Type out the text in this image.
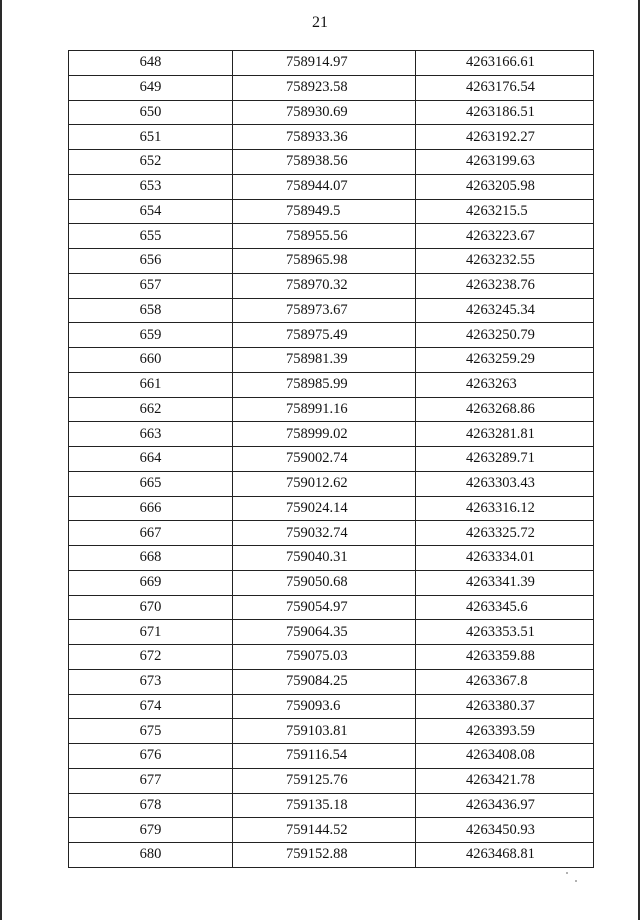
21
648	758914.97	4263166.61
649	758923.58	4263176.54
650	758930.69	4263186.51
651	758933.36	4263192.27
652	758938.56	4263199.63
653	758944.07	4263205.98
654	758949.5	4263215.5
655	758955.56	4263223.67
656	758965.98	4263232.55
657	758970.32	4263238.76
658	758973.67	4263245.34
659	758975.49	4263250.79
660	758981.39	4263259.29
661	758985.99	4263263
662	758991.16	4263268.86
663	758999.02	4263281.81
664	759002.74	4263289.71
665	759012.62	4263303.43
666	759024.14	4263316.12
667	759032.74	4263325.72
668	759040.31	4263334.01
669	759050.68	4263341.39
670	759054.97	4263345.6
671	759064.35	4263353.51
672	759075.03	4263359.88
673	759084.25	4263367.8
674	759093.6	4263380.37
675	759103.81	4263393.59
676	759116.54	4263408.08
677	759125.76	4263421.78
678	759135.18	4263436.97
679	759144.52	4263450.93
680	759152.88	4263468.81
